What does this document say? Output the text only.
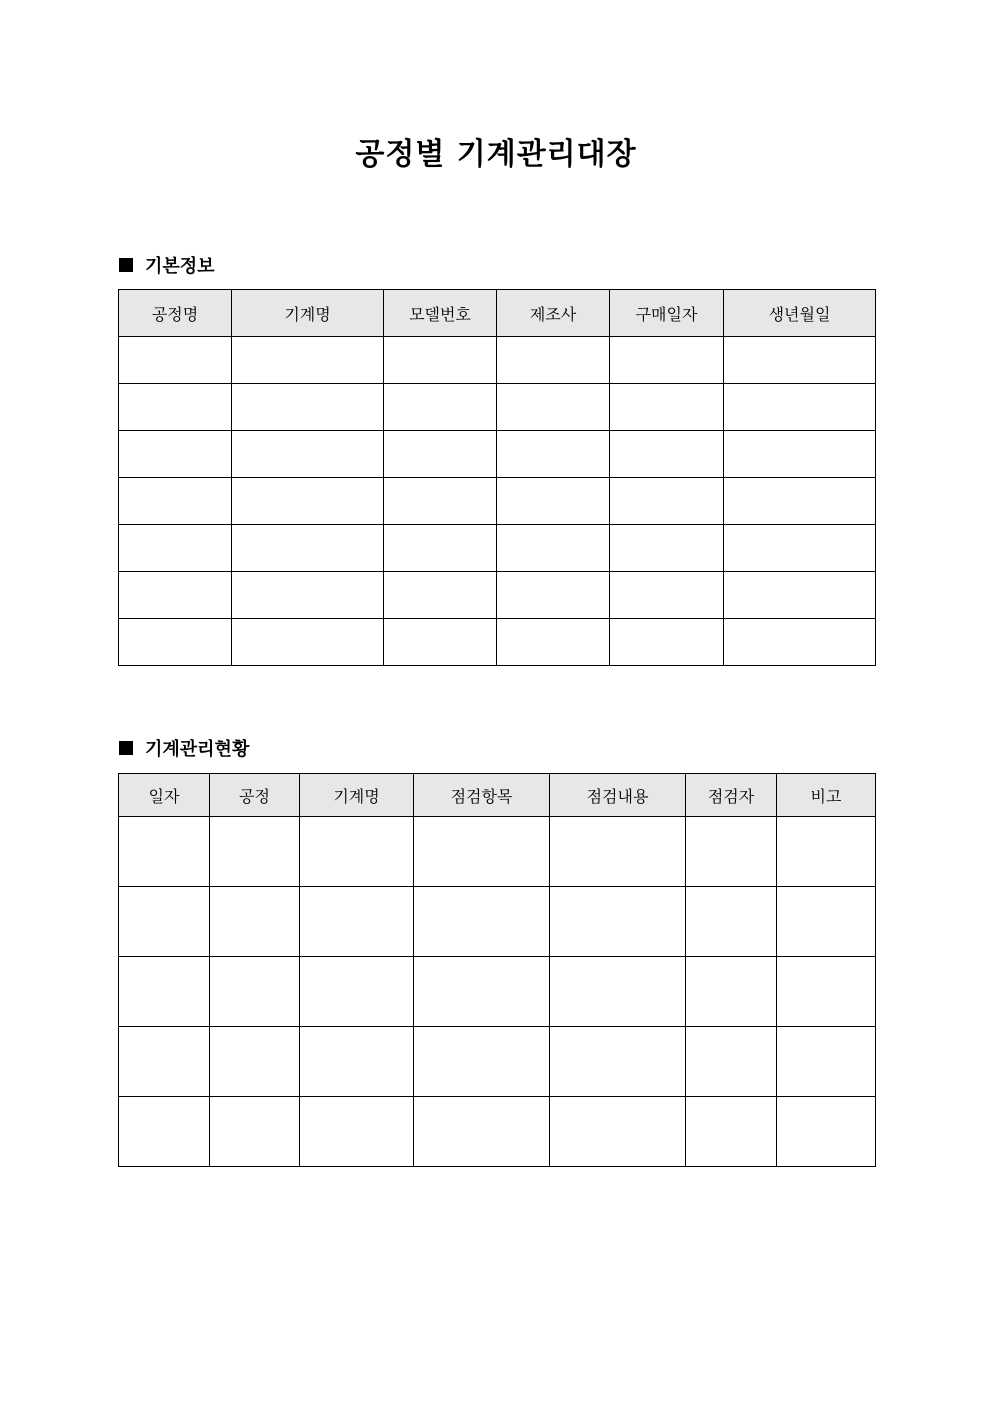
공정별 기계관리대장
기본정보
공정명	기계명	모델번호	제조사	구매일자	생년월일

기계관리현황
일자	공정	기계명	점검항목	점검내용	점검자	비고
